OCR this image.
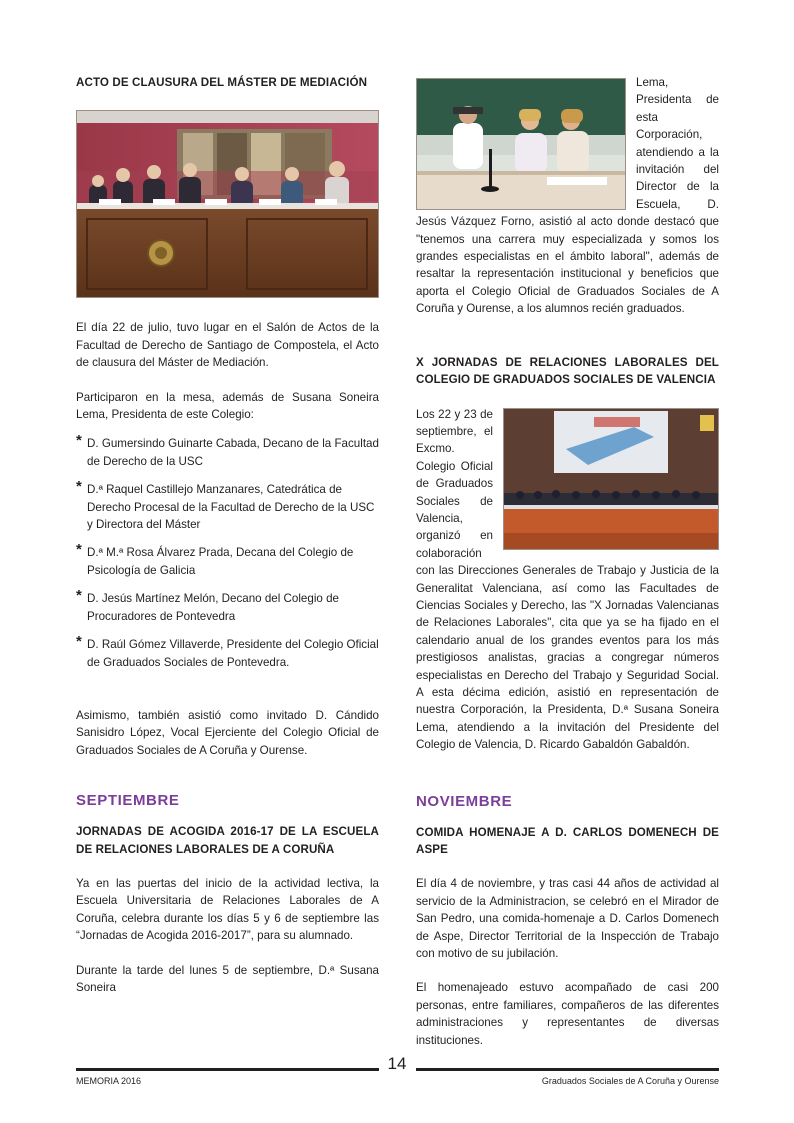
ACTO DE CLAUSURA DEL MÁSTER DE MEDIACIÓN

El día 22 de julio, tuvo lugar en el Salón de Actos de la Facultad de Derecho de Santiago de Compostela, el Acto de clausura del Máster de Mediación.

Participaron en la mesa, además de Susana Soneira Lema, Presidenta de este Colegio:

* D. Gumersindo Guinarte Cabada, Decano de la Facultad de Derecho de la USC
* D.ª Raquel Castillejo Manzanares, Catedrática de Derecho Procesal de la Facultad de Derecho de la USC y Directora del Máster
* D.ª M.ª Rosa Álvarez Prada, Decana del Colegio de Psicología de Galicia
* D. Jesús Martínez Melón, Decano del Colegio de Procuradores de Pontevedra
* D. Raúl Gómez Villaverde, Presidente del Colegio Oficial de Graduados Sociales de Pontevedra.

Asimismo, también asistió como invitado D. Cándido Sanisidro López, Vocal Ejerciente del Colegio Oficial de Graduados Sociales de A Coruña y Ourense.

SEPTIEMBRE
JORNADAS DE ACOGIDA 2016-17 DE LA ESCUELA DE RELACIONES LABORALES DE A CORUÑA

Ya en las puertas del inicio de la actividad lectiva, la Escuela Universitaria de Relaciones Laborales de A Coruña, celebra durante los días 5 y 6 de septiembre las “Jornadas de Acogida 2016-2017”, para su alumnado.

Durante la tarde del lunes 5 de septiembre, D.ª Susana Soneira

Lema, Presidenta de esta Corporación, atendiendo a la invitación del Director de la Escuela, D. Jesús Vázquez Forno, asistió al acto donde destacó que "tenemos una carrera muy especializada y somos los grandes especialistas en el ámbito laboral", además de resaltar la representación institucional y beneficios que aporta el Colegio Oficial de Graduados Sociales de A Coruña y Ourense, a los alumnos recién graduados.

X JORNADAS DE RELACIONES LABORALES DEL COLEGIO DE GRADUADOS SOCIALES DE VALENCIA

Los 22 y 23 de septiembre, el Excmo. Colegio Oficial de Graduados Sociales de Valencia, organizó en colaboración con las Direcciones Generales de Trabajo y Justicia de la Generalitat Valenciana, así como las Facultades de Ciencias Sociales y Derecho, las "X Jornadas Valencianas de Relaciones Laborales", cita que ya se ha fijado en el calendario anual de los grandes eventos para los más prestigiosos analistas, gracias a congregar números especialistas en Derecho del Trabajo y Seguridad Social. A esta décima edición, asistió en representación de nuestra Corporación, la Presidenta, D.ª Susana Soneira Lema, atendiendo a la invitación del Presidente del Colegio de Valencia, D. Ricardo Gabaldón Gabaldón.

NOVIEMBRE
COMIDA HOMENAJE A D. CARLOS DOMENECH DE ASPE

El día 4 de noviembre, y tras casi 44 años de actividad al servicio de la Administracion, se celebró en el Mirador de San Pedro, una comida-homenaje a D. Carlos Domenech de Aspe, Director Territorial de la Inspección de Trabajo con motivo de su jubilación.

El homenajeado estuvo acompañado de casi 200 personas, entre familiares, compañeros de las diferentes administraciones y representantes de diversas instituciones.

14
MEMORIA 2016	Graduados Sociales de A Coruña y Ourense
